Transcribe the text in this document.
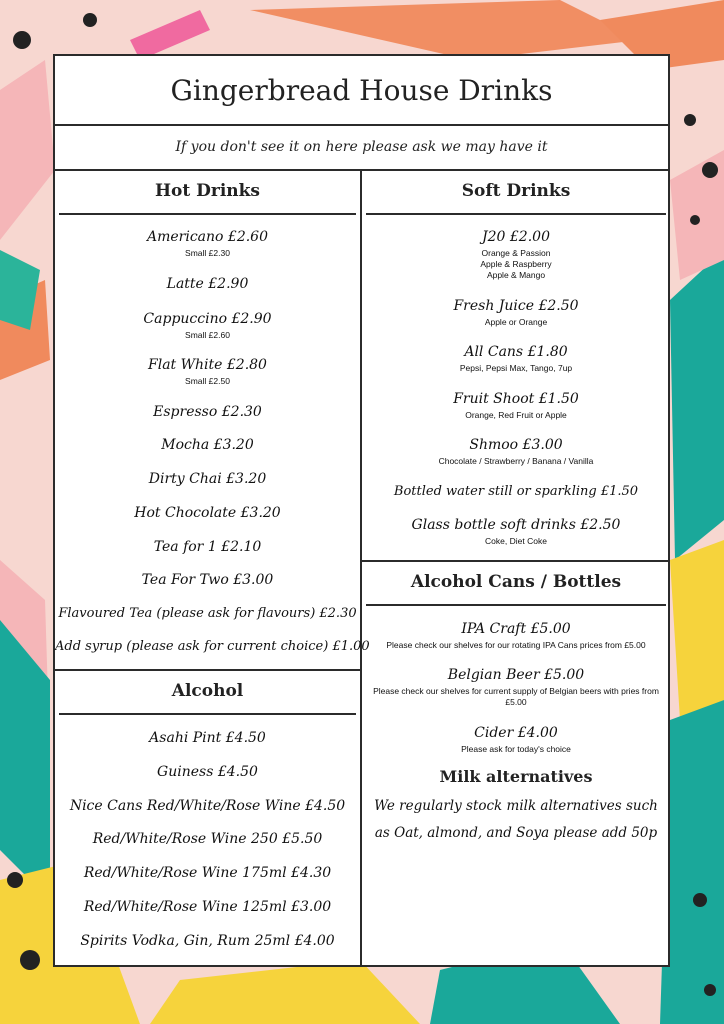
Gingerbread House Drinks
If you don't see it on here please ask we may have it
Hot Drinks
Americano £2.60
Small £2.30
Latte £2.90
Cappuccino £2.90
Small £2.60
Flat White £2.80
Small £2.50
Espresso £2.30
Mocha £3.20
Dirty Chai £3.20
Hot Chocolate £3.20
Tea for 1 £2.10
Tea For Two £3.00
Flavoured Tea (please ask for flavours) £2.30
Add syrup (please ask for current choice) £1.00
Alcohol
Asahi Pint £4.50
Guiness £4.50
Nice Cans Red/White/Rose Wine £4.50
Red/White/Rose Wine 250 £5.50
Red/White/Rose Wine 175ml £4.30
Red/White/Rose Wine 125ml £3.00
Spirits Vodka, Gin, Rum 25ml £4.00
Soft Drinks
J20 £2.00
Orange & Passion
Apple & Raspberry
Apple & Mango
Fresh Juice £2.50
Apple or Orange
All Cans £1.80
Pepsi, Pepsi Max, Tango, 7up
Fruit Shoot £1.50
Orange, Red Fruit or Apple
Shmoo £3.00
Chocolate / Strawberry / Banana / Vanilla
Bottled water still or sparkling £1.50
Glass bottle soft drinks £2.50
Coke, Diet Coke
Alcohol Cans / Bottles
IPA Craft £5.00
Please check our shelves for our rotating IPA Cans prices from £5.00
Belgian Beer £5.00
Please check our shelves for current supply of Belgian beers with pries from £5.00
Cider £4.00
Please ask for today's choice
Milk alternatives
We regularly stock milk alternatives such as Oat, almond, and Soya please add 50p
